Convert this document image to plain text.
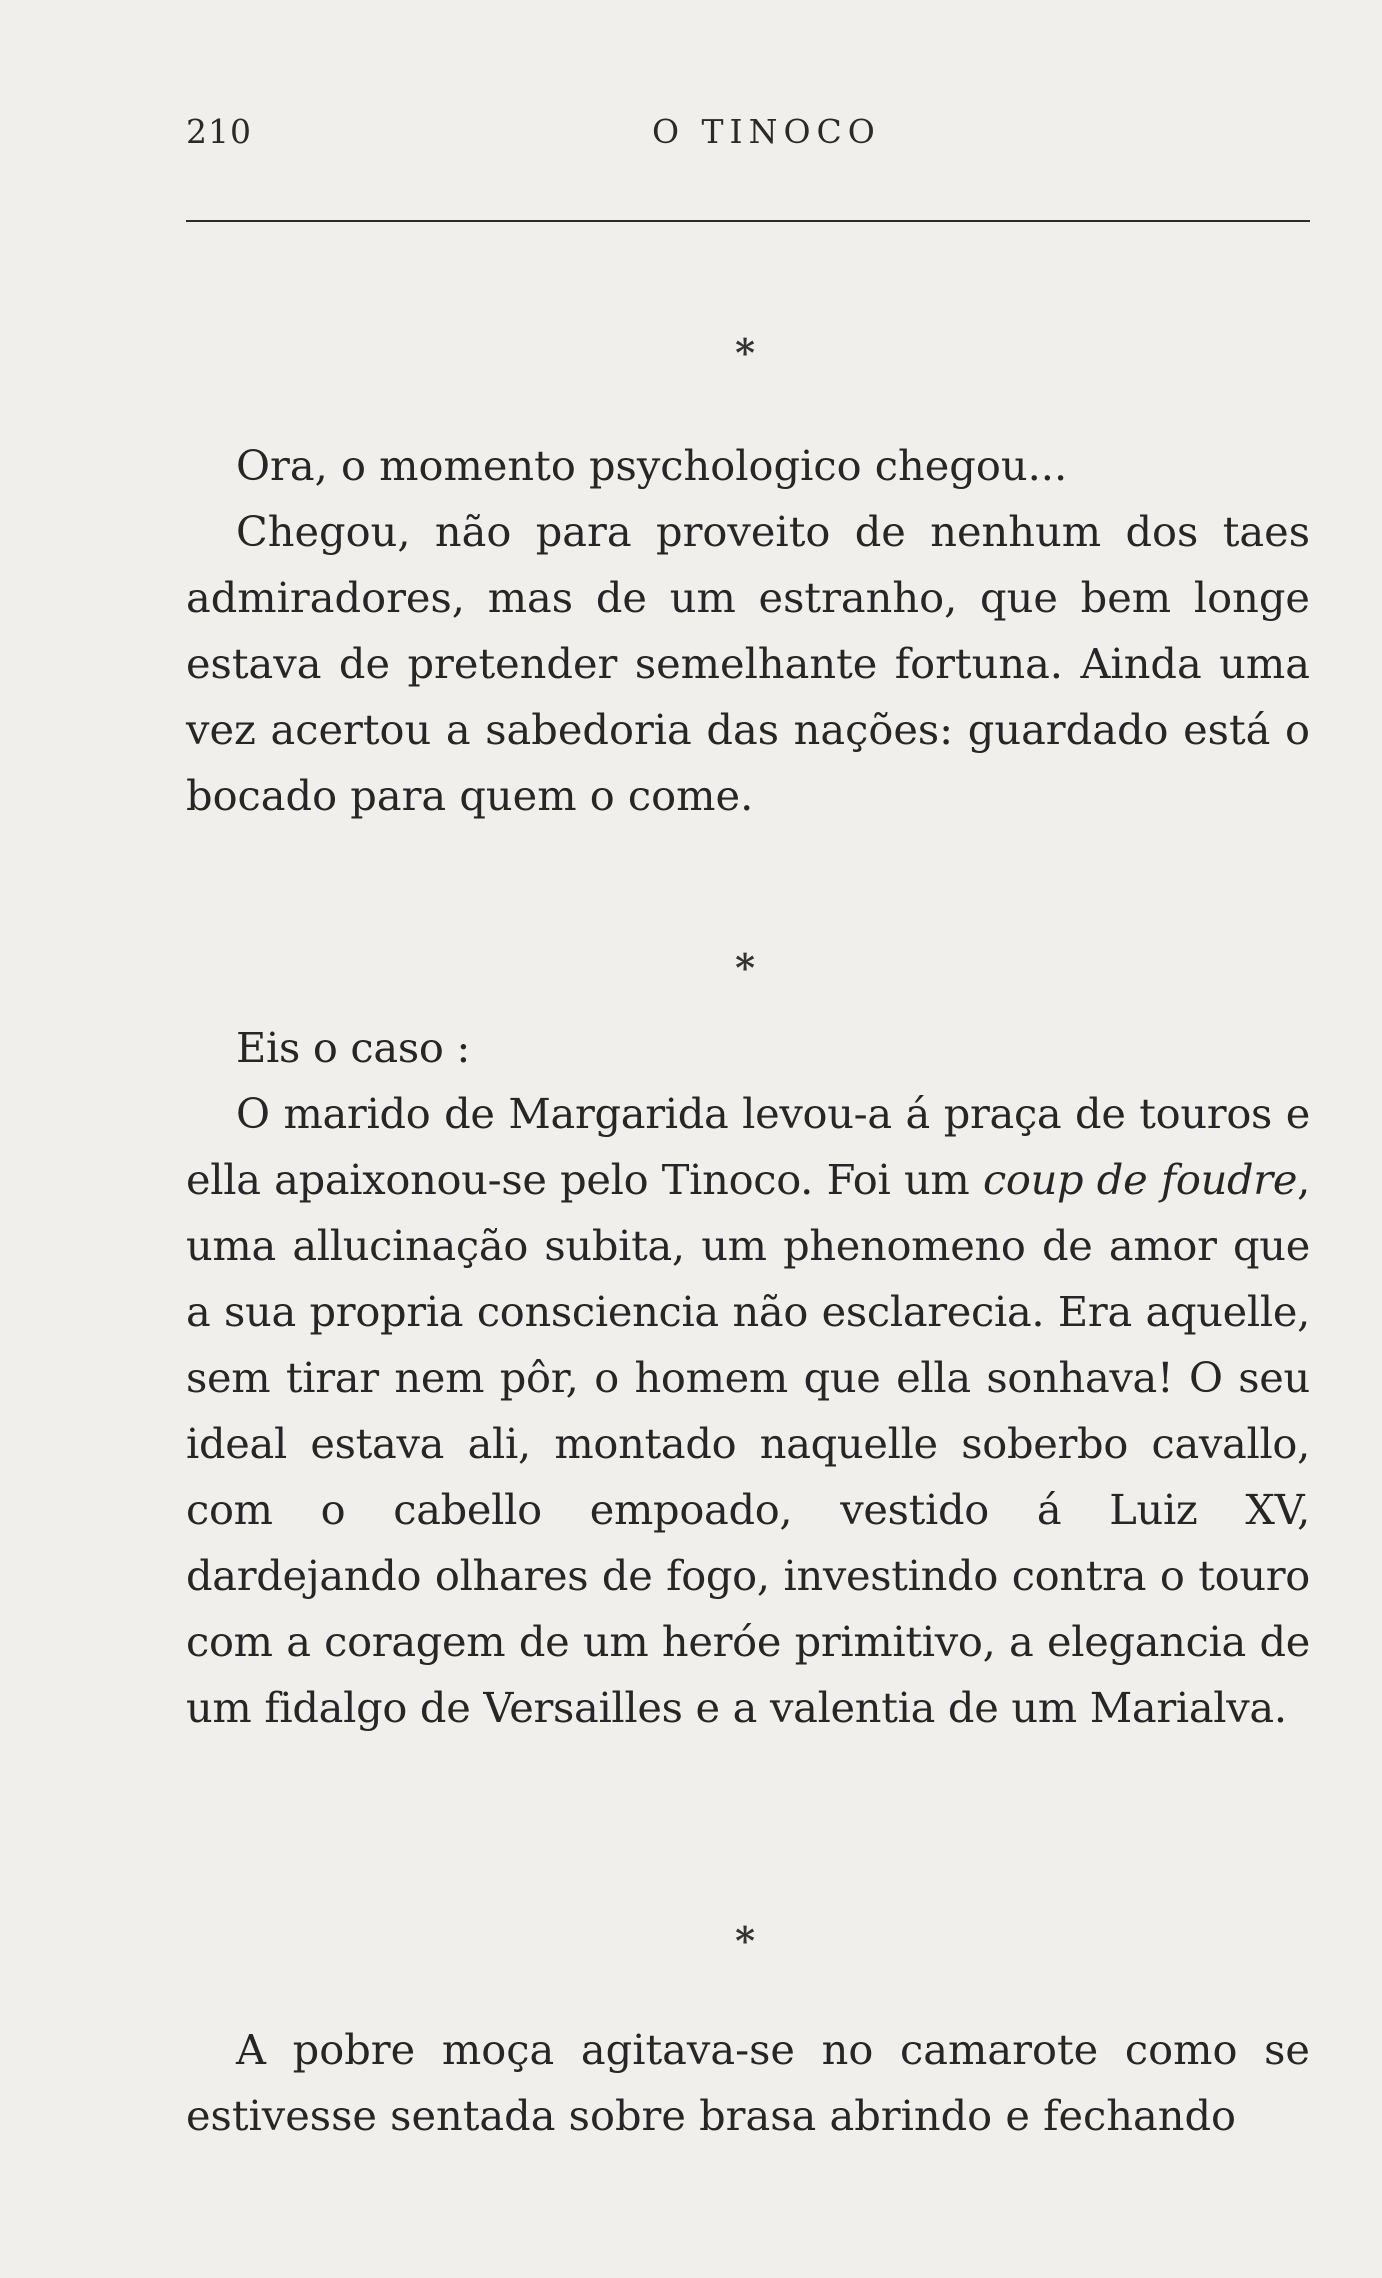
210	O TINOCO
*

Ora, o momento psychologico chegou...

Chegou, não para proveito de nenhum dos taes admiradores, mas de um estranho, que bem longe estava de pretender semelhante fortuna. Ainda uma vez acertou a sabedoria das nações: guardado está o bocado para quem o come.

*

Eis o caso :

O marido de Margarida levou-a á praça de touros e ella apaixonou-se pelo Tinoco. Foi um coup de foudre, uma allucinação subita, um phenomeno de amor que a sua propria consciencia não esclarecia. Era aquelle, sem tirar nem pôr, o homem que ella sonhava! O seu ideal estava ali, montado naquelle soberbo cavallo, com o cabello empoado, vestido á Luiz XV, dardejando olhares de fogo, investindo contra o touro com a coragem de um heróe primitivo, a elegancia de um fidalgo de Versailles e a valentia de um Marialva.

*

A pobre moça agitava-se no camarote como se estivesse sentada sobre brasa abrindo e fechando
